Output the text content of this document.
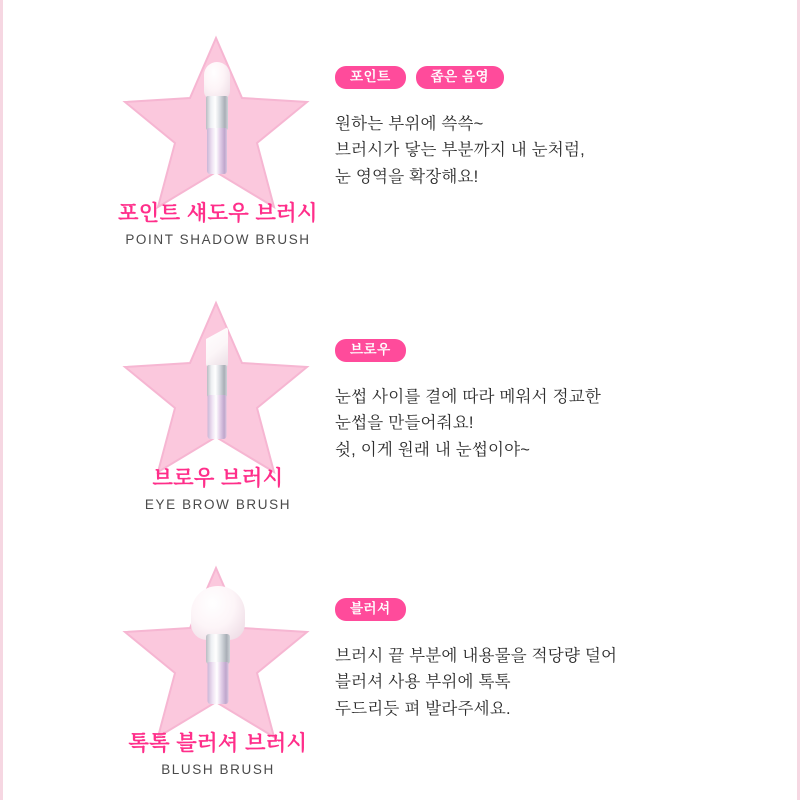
포인트 섀도우 브러시
POINT SHADOW BRUSH
포인트	좁은 음영
원하는 부위에 쓱쓱~
브러시가 닿는 부분까지 내 눈처럼,
눈 영역을 확장해요!
브로우 브러시
EYE BROW BRUSH
브로우
눈썹 사이를 결에 따라 메워서 정교한
눈썹을 만들어줘요!
쉿, 이게 원래 내 눈썹이야~
톡톡 블러셔 브러시
BLUSH BRUSH
블러셔
브러시 끝 부분에 내용물을 적당량 덜어
블러셔 사용 부위에 톡톡
두드리듯 펴 발라주세요.
